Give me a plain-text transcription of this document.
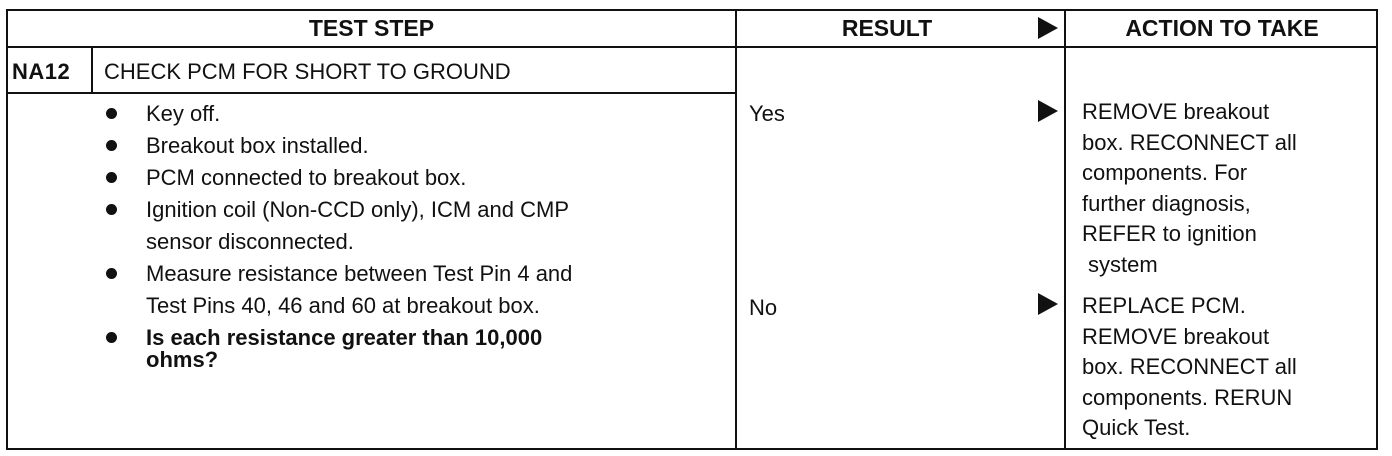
TEST STEP	RESULT	ACTION TO TAKE
NA12 CHECK PCM FOR SHORT TO GROUND
Key off.
Breakout box installed.
PCM connected to breakout box.
Ignition coil (Non-CCD only), ICM and CMP
sensor disconnected.
Measure resistance between Test Pin 4 and
Test Pins 40, 46 and 60 at breakout box.
Is each resistance greater than 10,000
ohms?
Yes
No
REMOVE breakout
box. RECONNECT all
components. For
further diagnosis,
REFER to ignition
system
REPLACE PCM.
REMOVE breakout
box. RECONNECT all
components. RERUN
Quick Test.
